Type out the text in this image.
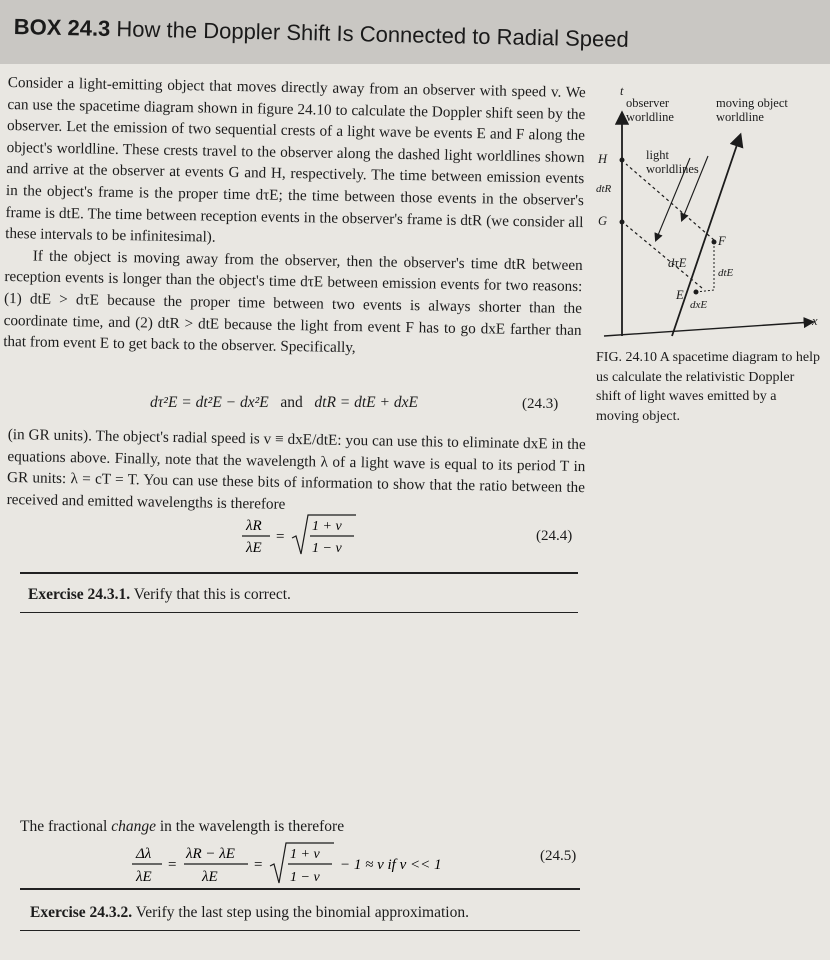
BOX 24.3 How the Doppler Shift Is Connected to Radial Speed

Consider a light-emitting object that moves directly away from an observer with speed v. We can use the spacetime diagram shown in figure 24.10 to calculate the Doppler shift seen by the observer. Let the emission of two sequential crests of a light wave be events E and F along the object's worldline. These crests travel to the observer along the dashed light worldlines shown and arrive at the observer at events G and H, respectively. The time between emission events in the object's frame is the proper time dτE; the time between those events in the observer's frame is dtE. The time between reception events in the observer's frame is dtR (we consider all these intervals to be infinitesimal).

If the object is moving away from the observer, then the observer's time dtR between reception events is longer than the object's time dτE between emission events for two reasons: (1) dtE > dτE because the proper time between two events is always shorter than the coordinate time, and (2) dtR > dtE because the light from event F has to go dxE farther than that from event E to get back to the observer. Specifically,

dτ²E = dt²E − dx²E and dtR = dtE + dxE	(24.3)

(in GR units). The object's radial speed is v ≡ dxE/dtE: you can use this to eliminate dxE in the equations above. Finally, note that the wavelength λ of a light wave is equal to its period T in GR units: λ = cT = T. You can use these bits of information to show that the ratio between the received and emitted wavelengths is therefore

λR
λE
=
1 + v
1 − v
(24.4)
Exercise 24.3.1. Verify that this is correct.
The fractional change in the wavelength is therefore
Δλ
λE
=
λR − λE
λE
=
1 + v
1 − v
− 1 ≈ v if v << 1
(24.5)
Exercise 24.3.2. Verify the last step using the binomial approximation.
t
x
observer
worldline
moving object
worldline
light
worldlines
H
G
dtR
F
E
dτE
dtE
dxE
FIG. 24.10 A spacetime diagram to help us calculate the relativistic Doppler shift of light waves emitted by a moving object.
